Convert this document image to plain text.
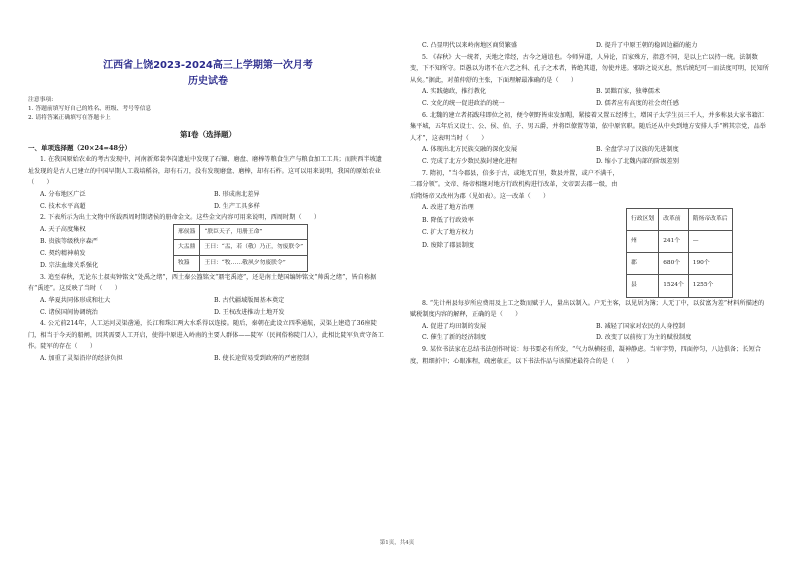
江西省上饶2023-2024高三上学期第一次月考
历史试卷
注意事项:
1. 答题前填写好自己的姓名、班级、考号等信息
2. 请将答案正确填写在答题卡上
第I卷（选择题）
一、单项选择题（20×24=48分）

1. 在我国原始农业的考古发现中，河南新郑裴李岗遗址中发现了石镰、磨盘、磨棒等粮食生产与粮食加工工具；而陕西半坡遗址发现的是古人已建立的中国早期人工栽培稻谷，却有石刀，没有发现磨盘、磨棒，却有石柞。这可以用来说明，我国的原始农业（　　）

A. 分布地区广泛	B. 形成南北差异
C. 技术水平高超	D. 生产工具多样

2. 下表所示为出土文物中所载西周时期诸侯的册命金文。这些金文内容可用来说明，西周时期（　　）

A. 天子高度集权
B. 贵族等级秩序森严
C. 契约精神萌发
D. 宗法血缘关系强化
邢侯簋	“朕臣天子，用册王命”
大盂鼎	王曰：“盂，若（敬）乃正，勿废朕令”
牧簋	王曰：“牧……敬夙夕勿废朕令”

3. 追至春秋，无论东土叔夷钟铭文“处禹之绪”，西土秦公簋铭文“鼏宅禹迹”，还是南土楚国编钟铭文“帅禹之绪”，皆自称据有“禹迹”。这反映了当时（　　）

A. 华夏共同体形成和壮大	B. 古代疆域版图基本奠定
C. 诸侯国间协调统治	D. 王权改进推动土地开发

4. 公元前214年，人工运河灵渠凿通，长江和珠江两大水系得以连接。随后，秦朝在此设立四季通航，灵渠上建造了36座陡门，相当于今天的船闸，因其需要人工开启，使得中原进入岭南的主要人群体——陡军（民间俗称陡门人），此相比陡军负责守备工作。陡军的存在（　　）

A. 加重了灵渠沿岸的经济负担	B. 使长途贸易受到政府的严密控制
C. 凸显明代以来岭南地区商贸繁盛	D. 提升了中原王朝的稳固边疆的能力

5. 《春秋》大一统者，天地之常经，古今之通谊也。今师异道，人异论，百家殊方，指意不同，是以上亡以持一统。法制数变，下不知所守。臣愚以为诸不在六艺之科、孔子之术者，皆绝其道，勿使并进。邪辟之说灭息，然后统纪可一而法度可明，民知所从矣。”据此，对董仲舒的主张，下面理解最准确的是（　　）

A. 实践德政，推行教化	B. 罢黜百家，独尊儒术
C. 文化的统一促进政治的统一	D. 儒者应有高度的社会责任感

6. 北魏的建立者拓跋珪即位之初，便令朝野皆束发加帽，紧接着又置五经博士，增国子太学生员三千人，并多称县大家书籍汇集平城，五年后又设士、公、侯、伯、子、男五爵，并将臣僚置等第，依中原官职。随后还从中央到地方安排人手“辨其宗党，品举人才”，这表明当时（　　）

A. 体现出北方民族交融的深化发展	B. 全盘学习了汉族的先进制度
C. 完成了北方少数民族封建化进程	D. 缩小了北魏内部的阶级差别

7. 隋初，“当今郡县，倍多于古，或地无百里，数县并置，或户不满千，二郡分领”。文帝、炀帝相继对地方行政机构进行改革，文帝罢去郡一级，由后隋炀帝又改州为郡（见如表）。这一改革（　　）

A. 改进了地方治理
B. 降低了行政效率
C. 扩大了地方权力
D. 废除了郡县制度
行政区划	改革前	隋炀帝改革后
州	241个	—
郡	680个	190个
县	1524个	1255个

8. “先计州县每岁所应费用及上工之数而赋于人，量出以制入。户无主客，以见居为簿；人无丁中，以贫富为差”材料所描述的赋税制度内容的解释，正确的是（　　）

A. 促进了均田制的发展	B. 减轻了国家对农民的人身控制
C. 催生了新的经济制度	D. 改变了以前按丁为主的赋役制度

9. 某位书法家在总结书法创作时说：每书要必有所发，“气力纵横轻重，凝神静虑。当审字势，四面停匀，八边俱备；长短合度，粗细折中；心眼准程，疏密欹正，以下书法作品与该描述最符合的是（　　）

第1页，共4页
